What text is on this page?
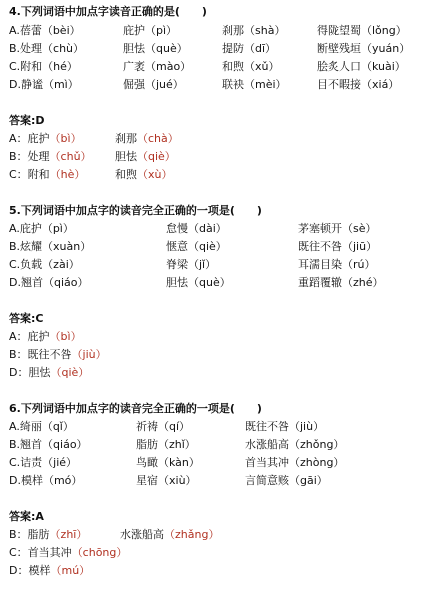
4.下列词语中加点字读音正确的是(　　)
A.蓓蕾（bèi）	庇护（pì）	刹那（shà）	得陇望蜀（lǒng）
B.处理（chù）	胆怯（què）	提防（dī）	断壁残垣（yuán）
C.附和（hé）	广袤（mào）	和煦（xǔ）	脍炙人口（kuài）
D.静谧（mì）	倔强（jué）	联袂（mèi）	目不暇接（xiá）
答案:D
A：庇护（bì）	刹那（chà）
B：处理（chǔ） 胆怯（qiè）
C：附和（hè）	和煦（xù）
5.下列词语中加点字的读音完全正确的一项是(　　)
A.庇护（pì）	怠慢（dài）	茅塞顿开（sè）
B.炫耀（xuàn）	惬意（qiè）	既往不咎（jiū）
C.负载（zài）	脊梁（jǐ）	耳濡目染（rú）
D.翘首（qiáo）	胆怯（què）	重蹈覆辙（zhé）
答案:C
A：庇护（bì）
B：既往不咎（jiù）
D：胆怯（qiè）
6.下列词语中加点字的读音完全正确的一项是(　　)
A.绮丽（qǐ）	祈祷（qí）	既往不咎（jiù）
B.翘首（qiáo）	脂肪（zhǐ）	水涨船高（zhǒng）
C.诘责（jié）	鸟瞰（kàn）	首当其冲（zhòng）
D.模样（mó）	星宿（xiù）	言简意赅（gāi）
答案:A
B：脂肪（zhī）	水涨船高（zhǎng）
C：首当其冲（chōng）
D：模样（mú）
